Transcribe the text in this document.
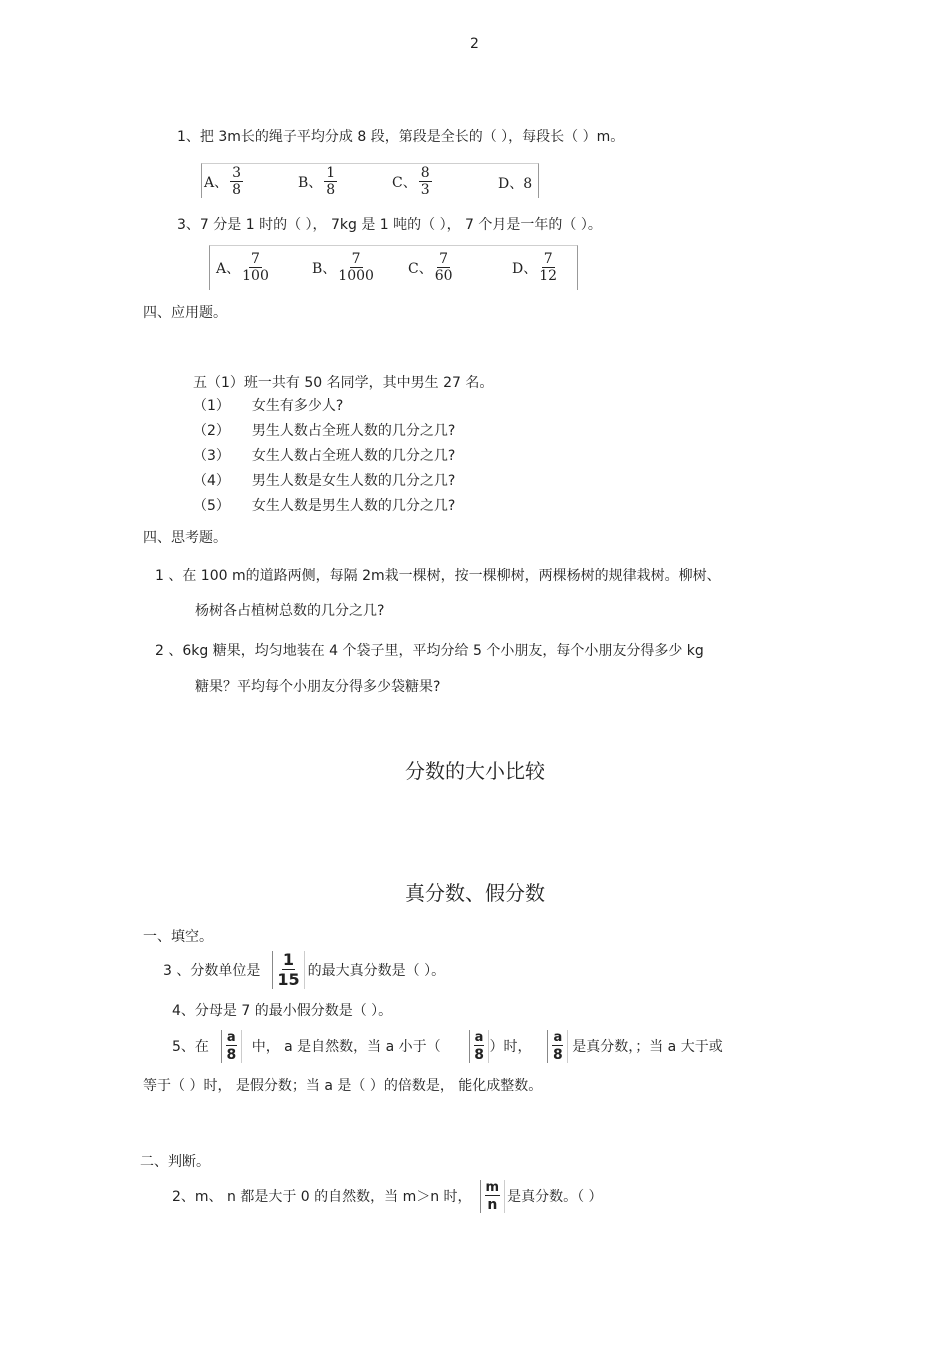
2
1、把 3m长的绳子平均分成 8 段，第段是全长的（ ），每段长（ ）m。
A、 $\frac{3}{8}$	B、 $\frac{1}{8}$	C、 $\frac{8}{3}$	D、8
3、7 分是 1 时的（ ）， 7kg 是 1 吨的（ ）， 7 个月是一年的（ ）。
A、 $\frac{7}{100}$	B、 $\frac{7}{1000}$ C、 $\frac{7}{60}$	D、 $\frac{7}{12}$
四、应用题。
五（1）班一共有 50 名同学，其中男生 27 名。
（1） 女生有多少人?
（2） 男生人数占全班人数的几分之几?
（3） 女生人数占全班人数的几分之几?
（4） 男生人数是女生人数的几分之几?
（5） 女生人数是男生人数的几分之几?
四、思考题。
1 、在 100 m的道路两侧，每隔 2m栽一棵树，按一棵柳树，两棵杨树的规律栽树。柳树、
杨树各占植树总数的几分之几?
2 、6kg 糖果，均匀地装在 4 个袋子里，平均分给 5 个小朋友，每个小朋友分得多少 kg
糖果？平均每个小朋友分得多少袋糖果?
分数的大小比较
真分数、假分数
一、填空。
3 、分数单位是 $\frac{1}{15}$ 的最大真分数是（ ）。
4、分母是 7 的最小假分数是（ ）。
5、在 $\frac{a}{8}$ 中， a 是自然数，当 a 小于（ $\frac{a}{8}$ ）时， $\frac{a}{8}$ 是真分数，；当 a 大于或
等于（ ）时， 是假分数；当 a 是（ ）的倍数是， 能化成整数。
二、判断。
2、m、 n 都是大于 0 的自然数，当 m＞n 时， $\frac{m}{n}$ 是真分数。（ ）
